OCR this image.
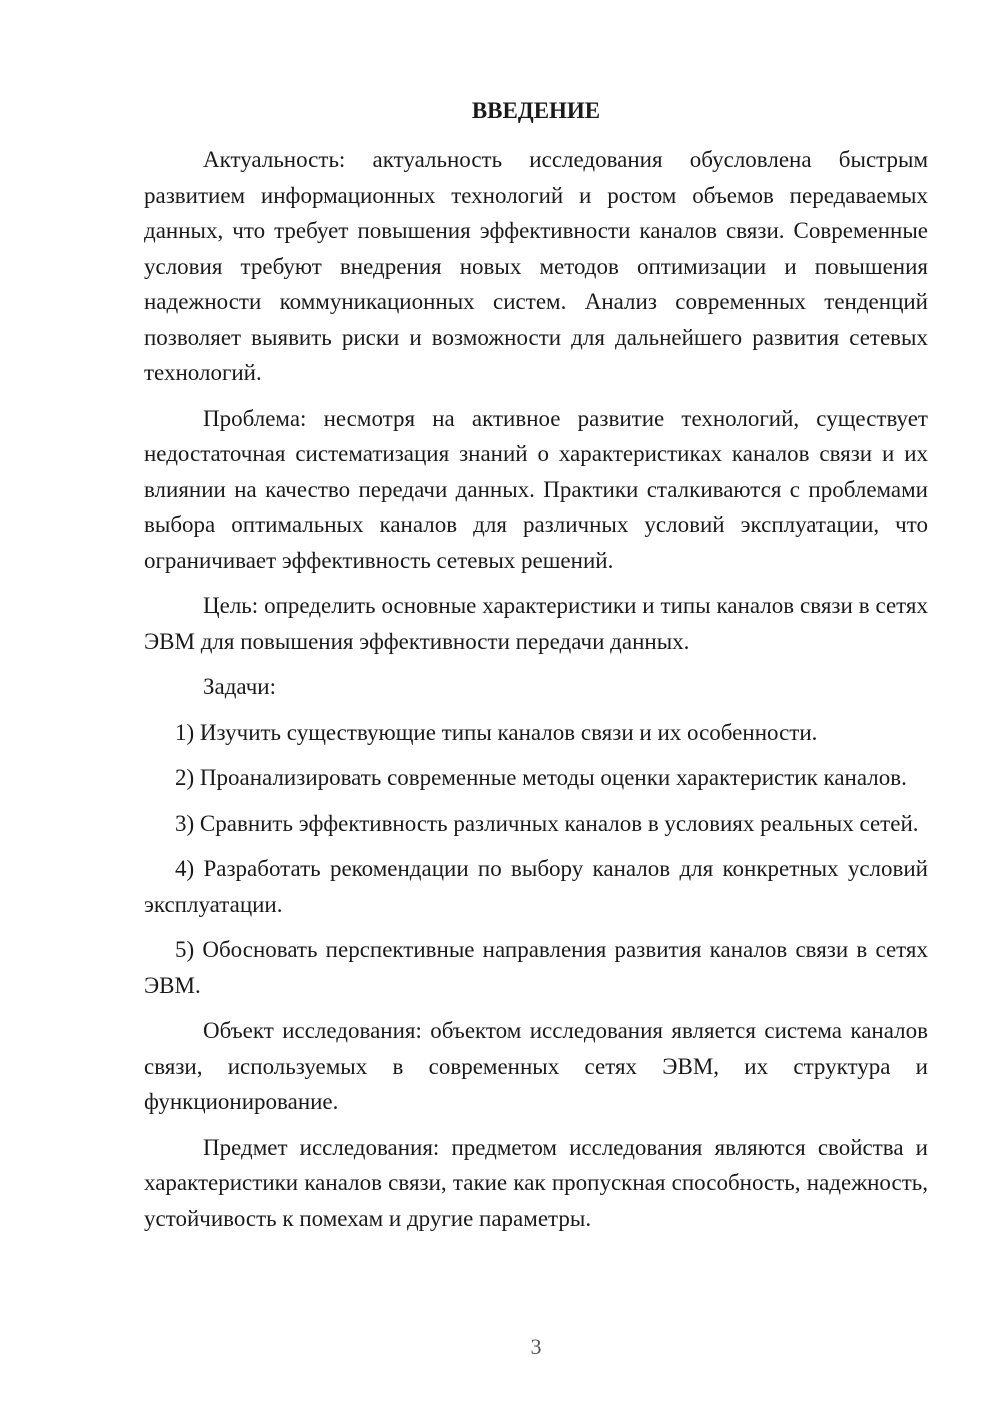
ВВЕДЕНИЕ

Актуальность: актуальность исследования обусловлена быстрым развитием информационных технологий и ростом объемов передаваемых данных, что требует повышения эффективности каналов связи. Современные условия требуют внедрения новых методов оптимизации и повышения надежности коммуникационных систем. Анализ современных тенденций позволяет выявить риски и возможности для дальнейшего развития сетевых технологий.

Проблема: несмотря на активное развитие технологий, существует недостаточная систематизация знаний о характеристиках каналов связи и их влиянии на качество передачи данных. Практики сталкиваются с проблемами выбора оптимальных каналов для различных условий эксплуатации, что ограничивает эффективность сетевых решений.

Цель: определить основные характеристики и типы каналов связи в сетях ЭВМ для повышения эффективности передачи данных.

Задачи:

1) Изучить существующие типы каналов связи и их особенности.

2) Проанализировать современные методы оценки характеристик каналов.

3) Сравнить эффективность различных каналов в условиях реальных сетей.

4) Разработать рекомендации по выбору каналов для конкретных условий эксплуатации.

5) Обосновать перспективные направления развития каналов связи в сетях ЭВМ.

Объект исследования: объектом исследования является система каналов связи, используемых в современных сетях ЭВМ, их структура и функционирование.

Предмет исследования: предметом исследования являются свойства и характеристики каналов связи, такие как пропускная способность, надежность, устойчивость к помехам и другие параметры.

3
